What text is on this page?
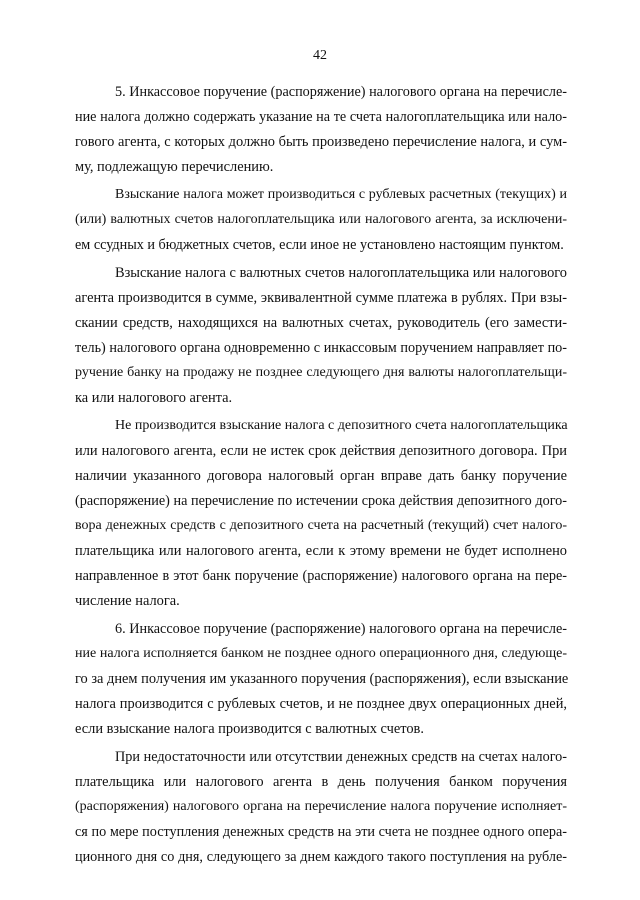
42
5. Инкассовое поручение (распоряжение) налогового органа на перечисле-
ние налога должно содержать указание на те счета налогоплательщика или нало-
гового агента, с которых должно быть произведено перечисление налога, и сум-
му, подлежащую перечислению.
Взыскание налога может производиться с рублевых расчетных (текущих) и
(или) валютных счетов налогоплательщика или налогового агента, за исключени-
ем ссудных и бюджетных счетов, если иное не установлено настоящим пунктом.
Взыскание налога с валютных счетов налогоплательщика или налогового
агента производится в сумме, эквивалентной сумме платежа в рублях. При взы-
скании средств, находящихся на валютных счетах, руководитель (его замести-
тель) налогового органа одновременно с инкассовым поручением направляет по-
ручение банку на продажу не позднее следующего дня валюты налогоплательщи-
ка или налогового агента.
Не производится взыскание налога с депозитного счета налогоплательщика
или налогового агента, если не истек срок действия депозитного договора. При
наличии указанного договора налоговый орган вправе дать банку поручение
(распоряжение) на перечисление по истечении срока действия депозитного дого-
вора денежных средств с депозитного счета на расчетный (текущий) счет налого-
плательщика или налогового агента, если к этому времени не будет исполнено
направленное в этот банк поручение (распоряжение) налогового органа на пере-
числение налога.
6. Инкассовое поручение (распоряжение) налогового органа на перечисле-
ние налога исполняется банком не позднее одного операционного дня, следующе-
го за днем получения им указанного поручения (распоряжения), если взыскание
налога производится с рублевых счетов, и не позднее двух операционных дней,
если взыскание налога производится с валютных счетов.
При недостаточности или отсутствии денежных средств на счетах налого-
плательщика или налогового агента в день получения банком поручения
(распоряжения) налогового органа на перечисление налога поручение исполняет-
ся по мере поступления денежных средств на эти счета не позднее одного опера-
ционного дня со дня, следующего за днем каждого такого поступления на рубле-
